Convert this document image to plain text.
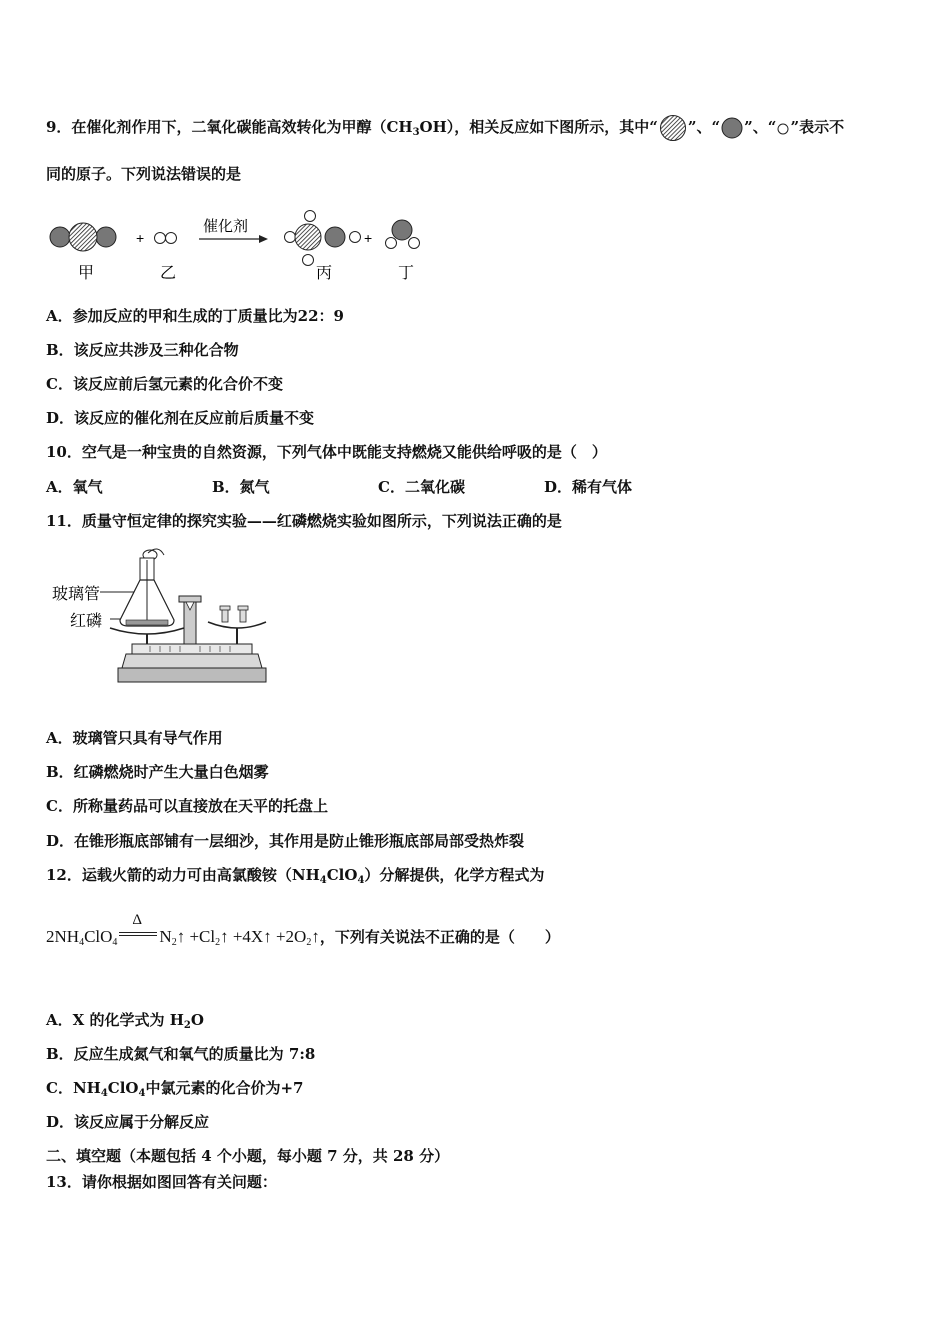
9．在催化剂作用下，二氧化碳能高效转化为甲醇$(CH_3OH)$，相关反应如下图所示，其中“ ”、“ ”、“ ”表示不
同的原子。下列说法错误的是
+
催化剂
+
甲	乙	丙	丁
A．参加反应的甲和生成的丁质量比为22：9
B．该反应共涉及三种化合物
C．该反应前后氢元素的化合价不变
D．该反应的催化剂在反应前后质量不变
10．空气是一种宝贵的自然资源，下列气体中既能支持燃烧又能供给呼吸的是（　）
A．氧气	B．氮气	C．二氧化碳	D．稀有气体
11．质量守恒定律的探究实验——红磷燃烧实验如图所示，下列说法正确的是
玻璃管
红磷
A．玻璃管只具有导气作用
B．红磷燃烧时产生大量白色烟雾
C．所称量药品可以直接放在天平的托盘上
D．在锥形瓶底部铺有一层细沙，其作用是防止锥形瓶底部局部受热炸裂
12．运载火箭的动力可由高氯酸铵$(NH_4ClO_4)$分解提供，化学方程式为
$2NH_4ClO_4$
Δ
$N_2↑$ $+Cl_2↑$ +4X↑ $+2O_2↑$，下列有关说法不正确的是（　　）
A．X 的化学式为 $H_2O$
B．反应生成氮气和氧气的质量比为 7:8
C．$NH_4ClO_4$中氯元素的化合价为+7
D．该反应属于分解反应
二、填空题（本题包括 4 个小题，每小题 7 分，共 28 分）
13．请你根据如图回答有关问题：
